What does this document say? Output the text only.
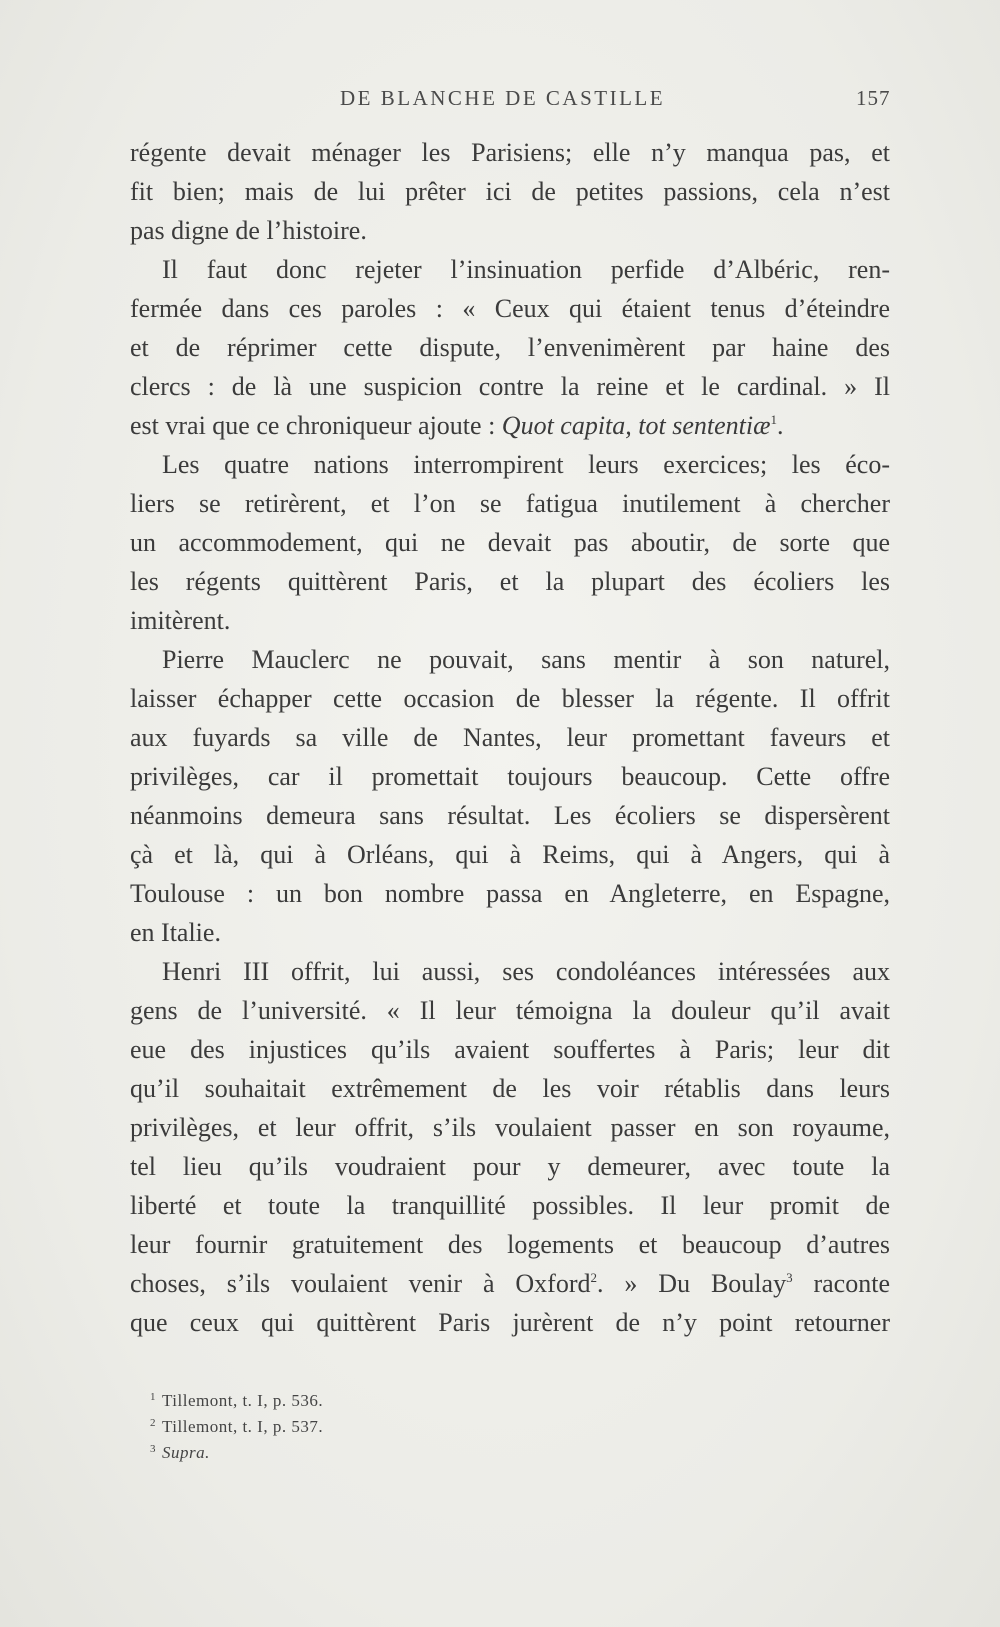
DE BLANCHE DE CASTILLE	157
régente devait ménager les Parisiens; elle n’y manqua pas, et
fit bien; mais de lui prêter ici de petites passions, cela n’est
pas digne de l’histoire.
Il faut donc rejeter l’insinuation perfide d’Albéric, ren-
fermée dans ces paroles : « Ceux qui étaient tenus d’éteindre
et de réprimer cette dispute, l’envenimèrent par haine des
clercs : de là une suspicion contre la reine et le cardinal. » Il
est vrai que ce chroniqueur ajoute : Quot capita, tot sententiæ$^1$.
Les quatre nations interrompirent leurs exercices; les éco-
liers se retirèrent, et l’on se fatigua inutilement à chercher
un accommodement, qui ne devait pas aboutir, de sorte que
les régents quittèrent Paris, et la plupart des écoliers les
imitèrent.
Pierre Mauclerc ne pouvait, sans mentir à son naturel,
laisser échapper cette occasion de blesser la régente. Il offrit
aux fuyards sa ville de Nantes, leur promettant faveurs et
privilèges, car il promettait toujours beaucoup. Cette offre
néanmoins demeura sans résultat. Les écoliers se dispersèrent
çà et là, qui à Orléans, qui à Reims, qui à Angers, qui à
Toulouse : un bon nombre passa en Angleterre, en Espagne,
en Italie.
Henri III offrit, lui aussi, ses condoléances intéressées aux
gens de l’université. « Il leur témoigna la douleur qu’il avait
eue des injustices qu’ils avaient souffertes à Paris; leur dit
qu’il souhaitait extrêmement de les voir rétablis dans leurs
privilèges, et leur offrit, s’ils voulaient passer en son royaume,
tel lieu qu’ils voudraient pour y demeurer, avec toute la
liberté et toute la tranquillité possibles. Il leur promit de
leur fournir gratuitement des logements et beaucoup d’autres
choses, s’ils voulaient venir à Oxford$^2$. » Du Boulay$^3$ raconte
que ceux qui quittèrent Paris jurèrent de n’y point retourner
$^1$ Tillemont, t. I, p. 536.
$^2$ Tillemont, t. I, p. 537.
$^3$ Supra.
